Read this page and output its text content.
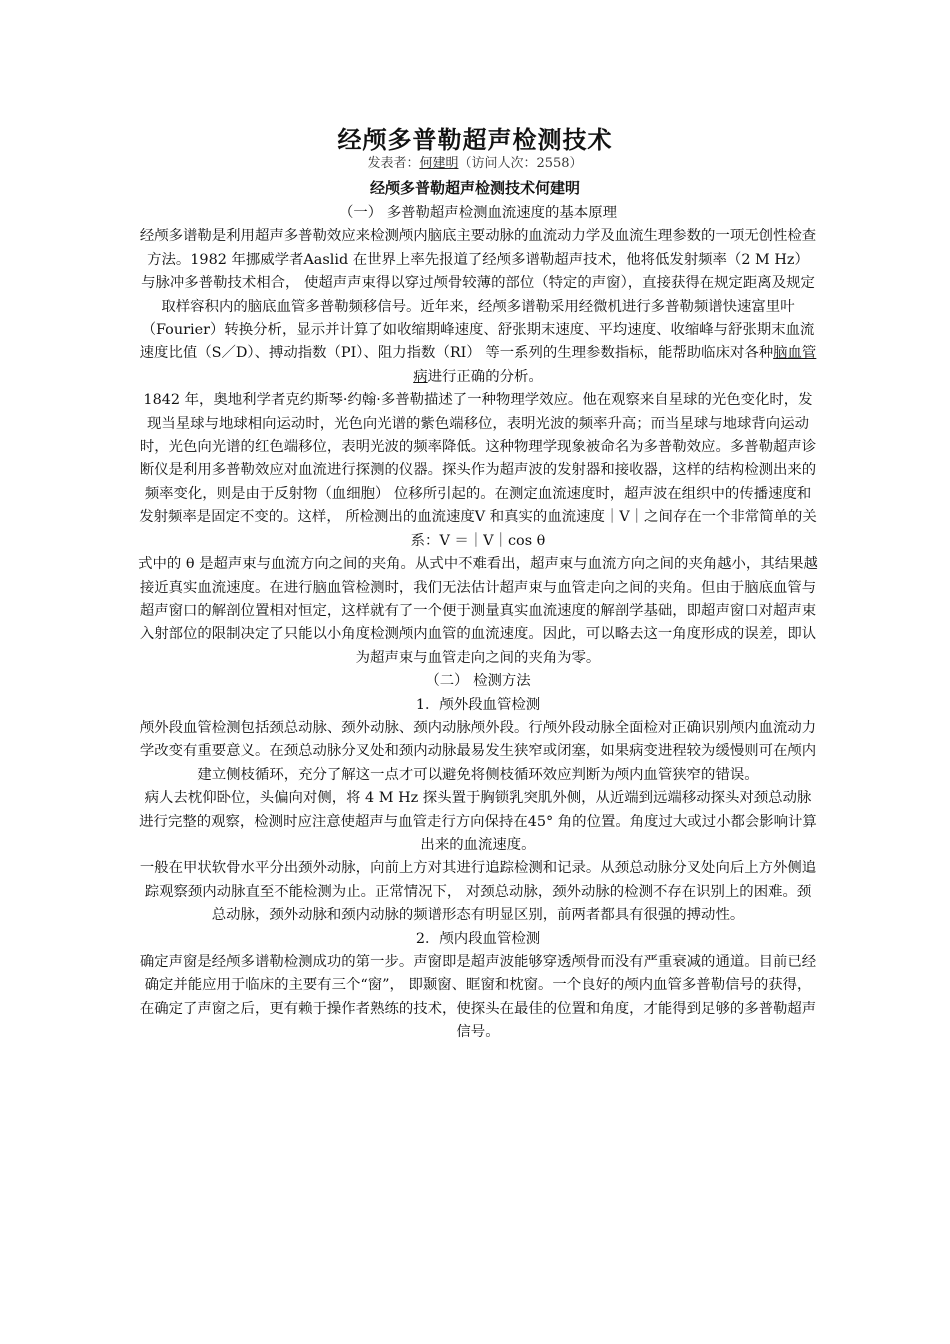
经颅多普勒超声检测技术
发表者：何建明（访问人次：2558）
经颅多普勒超声检测技术何建明

（一） 多普勒超声检测血流速度的基本原理

经颅多谱勒是利用超声多普勒效应来检测颅内脑底主要动脉的血流动力学及血流生理参数的一项无创性检查方法。1982 年挪威学者Aaslid 在世界上率先报道了经颅多谱勒超声技术，他将低发射频率（2 M Hz） 与脉冲多普勒技术相合， 使超声声束得以穿过颅骨较薄的部位（特定的声窗），直接获得在规定距离及规定取样容积内的脑底血管多普勒频移信号。近年来，经颅多谱勒采用经微机进行多普勒频谱快速富里叶（Fourier）转换分析，显示并计算了如收缩期峰速度、舒张期末速度、平均速度、收缩峰与舒张期末血流速度比值（S／D）、搏动指数（PI）、阻力指数（RI） 等一系列的生理参数指标，能帮助临床对各种脑血管病进行正确的分析。

1842 年，奥地利学者克约斯琴·约翰·多普勒描述了一种物理学效应。他在观察来自星球的光色变化时，发现当星球与地球相向运动时，光色向光谱的紫色端移位，表明光波的频率升高；而当星球与地球背向运动时，光色向光谱的红色端移位，表明光波的频率降低。这种物理学现象被命名为多普勒效应。多普勒超声诊断仪是利用多普勒效应对血流进行探测的仪器。探头作为超声波的发射器和接收器，这样的结构检测出来的频率变化，则是由于反射物（血细胞） 位移所引起的。在测定血流速度时，超声波在组织中的传播速度和发射频率是固定不变的。这样， 所检测出的血流速度V 和真实的血流速度｜V｜之间存在一个非常简单的关系：V ＝｜V｜cos θ

式中的 θ 是超声束与血流方向之间的夹角。从式中不难看出，超声束与血流方向之间的夹角越小，其结果越接近真实血流速度。在进行脑血管检测时，我们无法估计超声束与血管走向之间的夹角。但由于脑底血管与超声窗口的解剖位置相对恒定，这样就有了一个便于测量真实血流速度的解剖学基础，即超声窗口对超声束入射部位的限制决定了只能以小角度检测颅内血管的血流速度。因此，可以略去这一角度形成的误差，即认为超声束与血管走向之间的夹角为零。

（二） 检测方法

1．颅外段血管检测

颅外段血管检测包括颈总动脉、颈外动脉、颈内动脉颅外段。行颅外段动脉全面检对正确识别颅内血流动力学改变有重要意义。在颈总动脉分叉处和颈内动脉最易发生狭窄或闭塞，如果病变进程较为缓慢则可在颅内建立侧枝循环，充分了解这一点才可以避免将侧枝循环效应判断为颅内血管狭窄的错误。

病人去枕仰卧位，头偏向对侧，将 4 M Hz 探头置于胸锁乳突肌外侧，从近端到远端移动探头对颈总动脉进行完整的观察，检测时应注意使超声与血管走行方向保持在45° 角的位置。角度过大或过小都会影响计算出来的血流速度。

一般在甲状软骨水平分出颈外动脉，向前上方对其进行追踪检测和记录。从颈总动脉分叉处向后上方外侧追踪观察颈内动脉直至不能检测为止。正常情况下， 对颈总动脉，颈外动脉的检测不存在识别上的困难。颈总动脉，颈外动脉和颈内动脉的频谱形态有明显区别，前两者都具有很强的搏动性。

2．颅内段血管检测

确定声窗是经颅多谱勒检测成功的第一步。声窗即是超声波能够穿透颅骨而没有严重衰减的通道。目前已经确定并能应用于临床的主要有三个“窗”， 即颞窗、眶窗和枕窗。一个良好的颅内血管多普勒信号的获得，在确定了声窗之后，更有赖于操作者熟练的技术，使探头在最佳的位置和角度，才能得到足够的多普勒超声信号。
